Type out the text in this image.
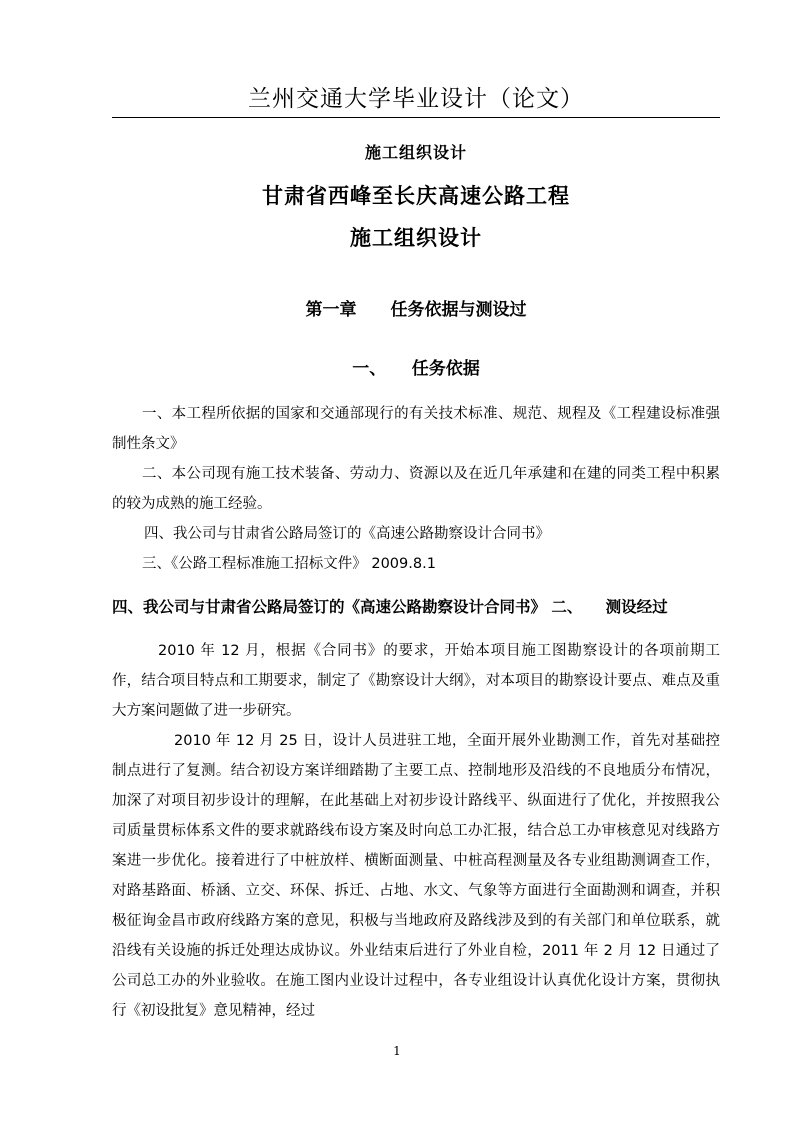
兰州交通大学毕业设计（论文）
施工组织设计
甘肃省西峰至长庆高速公路工程
施工组织设计
第一章　　任务依据与测设过
一、　　任务依据

一、本工程所依据的国家和交通部现行的有关技术标准、规范、规程及《工程建设标准强制性条文》

二、本公司现有施工技术装备、劳动力、资源以及在近几年承建和在建的同类工程中积累的较为成熟的施工经验。

四、我公司与甘肃省公路局签订的《高速公路勘察设计合同书》

三、《公路工程标准施工招标文件》 2009.8.1

四、我公司与甘肃省公路局签订的《高速公路勘察设计合同书》 二、　　测设经过

2010 年 12 月，根据《合同书》的要求，开始本项目施工图勘察设计的各项前期工作，结合项目特点和工期要求，制定了《勘察设计大纲》，对本项目的勘察设计要点、难点及重大方案问题做了进一步研究。

2010 年 12 月 25 日，设计人员进驻工地，全面开展外业勘测工作，首先对基础控制点进行了复测。结合初设方案详细踏勘了主要工点、控制地形及沿线的不良地质分布情况，加深了对项目初步设计的理解，在此基础上对初步设计路线平、纵面进行了优化，并按照我公司质量贯标体系文件的要求就路线布设方案及时向总工办汇报，结合总工办审核意见对线路方案进一步优化。接着进行了中桩放样、横断面测量、中桩高程测量及各专业组勘测调查工作，对路基路面、桥涵、立交、环保、拆迁、占地、水文、气象等方面进行全面勘测和调查，并积极征询金昌市政府线路方案的意见，积极与当地政府及路线涉及到的有关部门和单位联系，就沿线有关设施的拆迁处理达成协议。外业结束后进行了外业自检，2011 年 2 月 12 日通过了公司总工办的外业验收。在施工图内业设计过程中，各专业组设计认真优化设计方案，贯彻执行《初设批复》意见精神，经过

1
